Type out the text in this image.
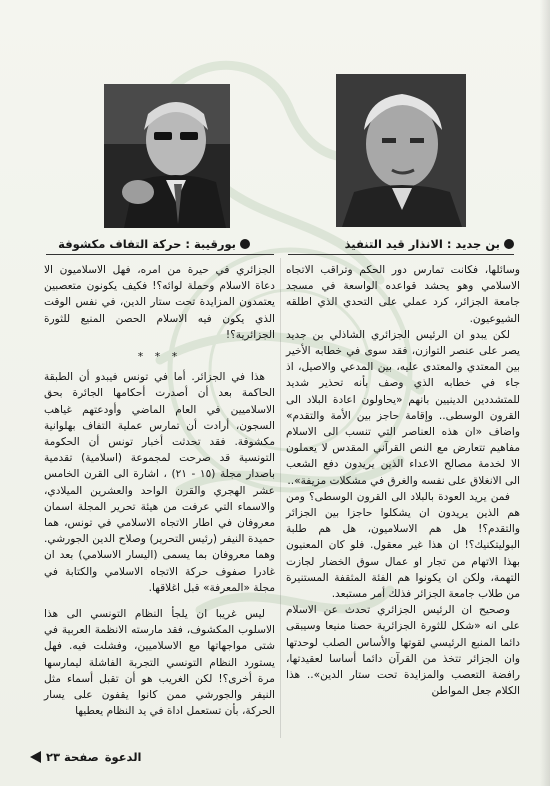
بن جديد : الانذار قيد التنفيذ
بورقيبة : حركة التفاف مكشوفة

وسائلها، فكانت تمارس دور الحكم وتراقب الاتجاه الاسلامي وهو يحشد قواعده الواسعة في مسجد جامعة الجزائر، كرد عملي على التحدي الذي اطلقه الشيوعيون.

لكن يبدو ان الرئيس الجزائري الشاذلي بن جديد يصر على عنصر التوازن، فقد سوى في خطابه الأخير بين المعتدي والمعتدى عليه، بين المدعي والاصيل، اذ جاء في خطابه الذي وصف بأنه تحذير شديد للمتشددين الدينيين بانهم «يحاولون اعادة البلاد الى القرون الوسطى.. وإقامة حاجز بين الأمة والتقدم» واضاف «ان هذه العناصر التي تنسب الى الاسلام مفاهيم تتعارض مع النص القرآني المقدس لا يعملون الا لخدمة مصالح الاعداء الذين يريدون دفع الشعب الى الانغلاق على نفسه والغرق في مشكلات مزيفة»..

فمن يريد العودة بالبلاد الى القرون الوسطى؟ ومن هم الذين يريدون ان يشكلوا حاجزا بين الجزائر والتقدم؟! هل هم الاسلاميون، هل هم طلبة البوليتكنيك؟! ان هذا غير معقول. فلو كان المعنيون بهذا الاتهام من تجار او عمال سوق الخضار لجازت التهمة، ولكن ان يكونوا هم الفئة المثقفة المستنيرة من طلاب جامعة الجزائر فذلك أمر مستبعد.

وصحيح ان الرئيس الجزائري تحدث عن الاسلام على انه «شكل للثورة الجزائرية حصنا منيعا وسيبقى دائما المنبع الرئيسي لقوتها والأساس الصلب لوحدتها وان الجزائر تتخذ من القرآن دائما أساسا لعقيدتها، رافضة التعصب والمزايدة تحت ستار الدين».. هذا الكلام جعل المواطن

الجزائري في حيرة من امره، فهل الاسلاميون الا دعاة الاسلام وحملة لوائه؟! فكيف يكونون متعصبين يعتمدون المزايدة تحت ستار الدين، في نفس الوقت الذي يكون فيه الاسلام الحصن المنيع للثورة الجزائرية؟!

* * *

هذا في الجزائر. أما في تونس فيبدو أن الطبقة الحاكمة بعد أن أصدرت أحكامها الجائرة بحق الاسلاميين في العام الماضي وأودعتهم غياهب السجون، أرادت أن تمارس عملية التفاف بهلوانية مكشوفة. فقد تحدثت أخبار تونس أن الحكومة التونسية قد صرحت لمجموعة (اسلامية) تقدمية باصدار مجلة (١٥ - ٢١) ، اشارة الى القرن الخامس عشر الهجري والقرن الواحد والعشرين الميلادي، والاسماء التي عرفت من هيئة تحرير المجلة اسمان معروفان في اطار الاتجاه الاسلامي في تونس، هما حميدة النيفر (رئيس التحرير) وصلاح الدين الجورشي. وهما معروفان بما يسمى (اليسار الاسلامي) بعد ان غادرا صفوف حركة الاتجاه الاسلامي والكتابة في مجلة «المعرفة» قبل اغلاقها.

ليس غريبا ان يلجأ النظام التونسي الى هذا الاسلوب المكشوف، فقد مارسته الانظمة العربية في شتى مواجهاتها مع الاسلاميين، وفشلت فيه. فهل يستورد النظام التونسي التجربة الفاشلة ليمارسها مرة أخرى؟! لكن الغريب هو أن تقبل أسماء مثل النيفر والجورشي ممن كانوا يقفون على يسار الحركة، بأن تستعمل اداة في يد النظام يعطيها

الدعوة
صفحة ٢٣
